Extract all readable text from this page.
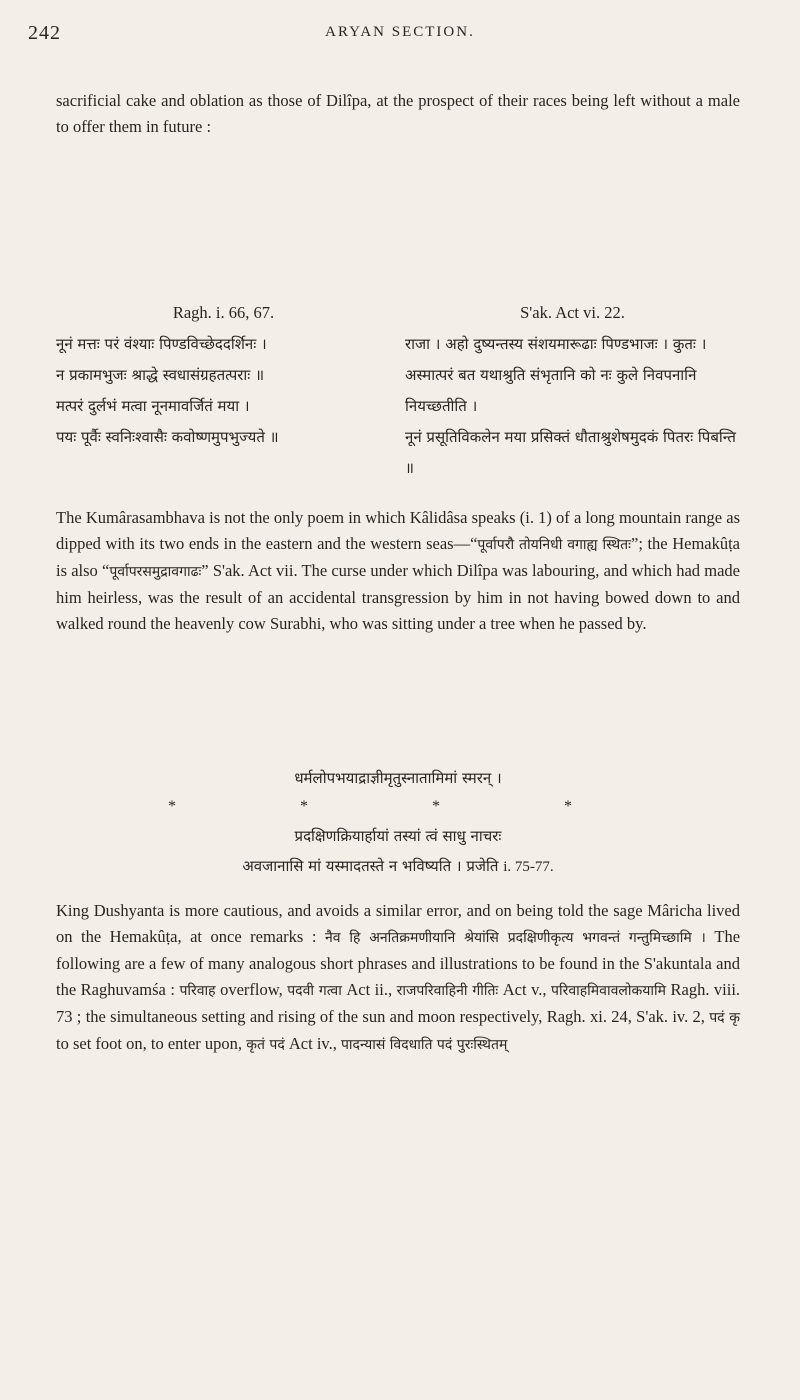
242	ARYAN SECTION.

sacrificial cake and oblation as those of Dilîpa, at the prospect of their races being left without a male to offer them in future :

Ragh. i. 66, 67.
नूनं मत्तः परं वंश्याः पिण्डविच्छेददर्शिनः ।
न प्रकामभुजः श्राद्धे स्वधासंग्रहतत्पराः ॥
मत्परं दुर्लभं मत्वा नूनमावर्जितं मया ।
पयः पूर्वैः स्वनिःश्वासैः कवोष्णमुपभुज्यते ॥
S'ak. Act vi. 22.
राजा । अहो दुष्यन्तस्य संशयमारूढाः पिण्डभाजः । कुतः ।
अस्मात्परं बत यथाश्रुति संभृतानि को नः कुले निवपनानि नियच्छतीति ।
नूनं प्रसूतिविकलेन मया प्रसिक्तं धौताश्रुशेषमुदकं पितरः पिबन्ति ॥

The Kumârasambhava is not the only poem in which Kâlidâsa speaks (i. 1) of a long mountain range as dipped with its two ends in the eastern and the western seas—“पूर्वापरौ तोयनिधी वगाह्य स्थितः”; the Hemakûṭa is also “पूर्वापरसमुद्रावगाढः” S'ak. Act vii. The curse under which Dilîpa was labouring, and which had made him heirless, was the result of an accidental transgression by him in not having bowed down to and walked round the heavenly cow Surabhi, who was sitting under a tree when he passed by.

धर्मलोपभयाद्राज्ञीमृतुस्नातामिमां स्मरन् ।
* * * *
प्रदक्षिणक्रियार्हायां तस्यां त्वं साधु नाचरः
अवजानासि मां यस्मादतस्ते न भविष्यति । प्रजेति i. 75-77.

King Dushyanta is more cautious, and avoids a similar error, and on being told the sage Mâricha lived on the Hemakûṭa, at once remarks : नैव हि अनतिक्रमणीयानि श्रेयांसि प्रदक्षिणीकृत्य भगवन्तं गन्तुमिच्छामि । The following are a few of many analogous short phrases and illustrations to be found in the S'akuntala and the Raghuvamśa : परिवाह overflow, पदवी गत्वा Act ii., राजपरिवाहिनी गीतिः Act v., परिवाहमिवावलोकयामि Ragh. viii. 73 ; the simultaneous setting and rising of the sun and moon respectively, Ragh. xi. 24, S'ak. iv. 2, पदं कृ to set foot on, to enter upon, कृतं पदं Act iv., पादन्यासं विदधाति पदं पुरःस्थितम्
